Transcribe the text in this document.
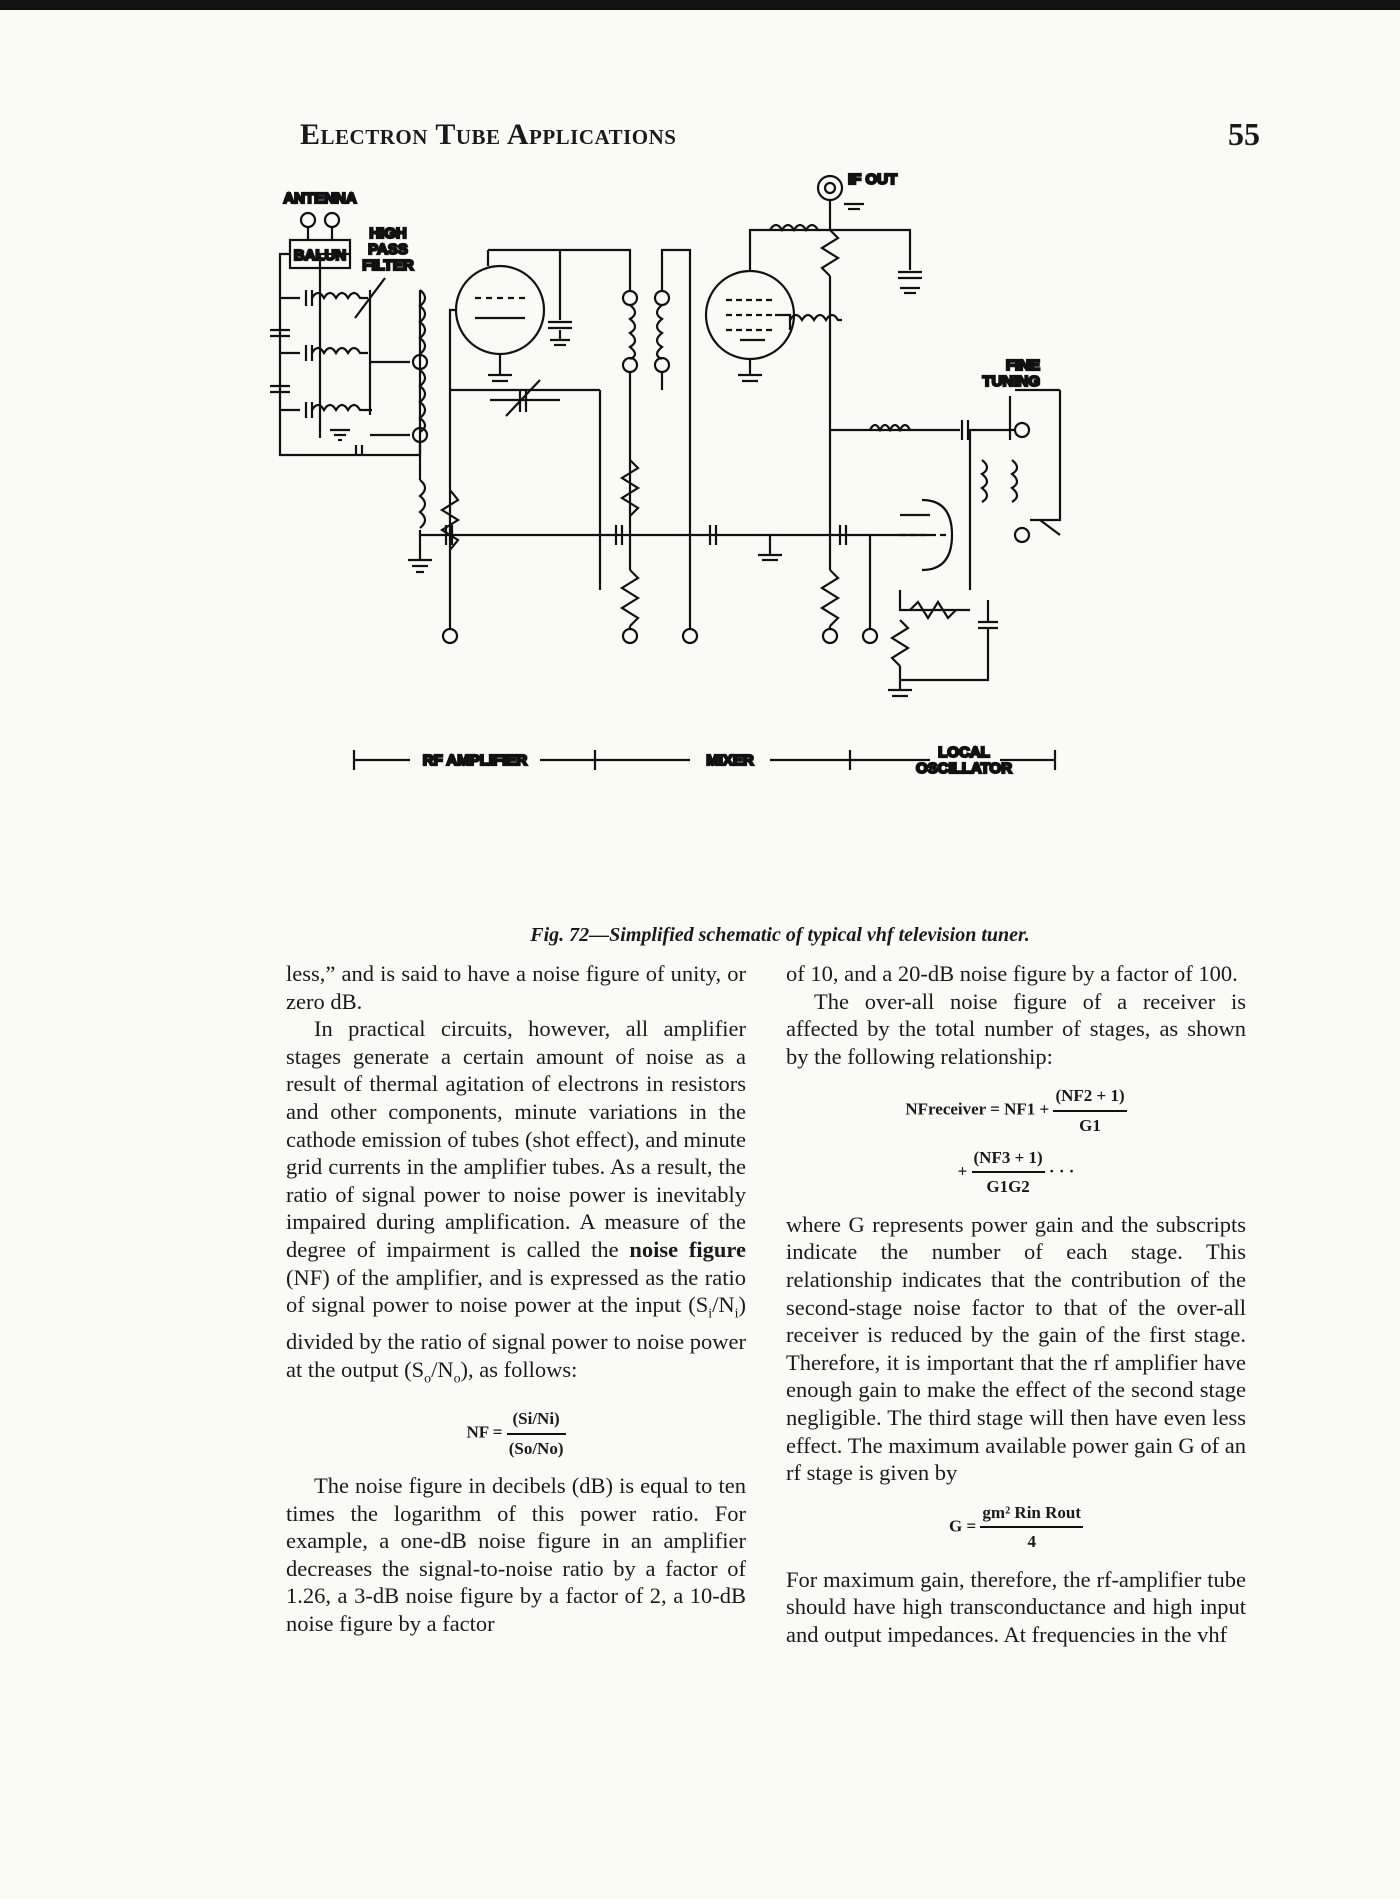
Electron Tube Applications	55
ANTENNA
BALUN
HIGH
PASS
FILTER
IF OUT
FINE
TUNING
RF AMPLIFIER	MIXER	LOCAL
OSCILLATOR
Fig. 72—Simplified schematic of typical vhf television tuner.

less,” and is said to have a noise figure of unity, or zero dB.

In practical circuits, however, all amplifier stages generate a certain amount of noise as a result of thermal agitation of electrons in resistors and other components, minute variations in the cathode emission of tubes (shot effect), and minute grid currents in the amplifier tubes. As a result, the ratio of signal power to noise power is inevitably impaired during amplification. A measure of the degree of impairment is called the noise figure (NF) of the amplifier, and is expressed as the ratio of signal power to noise power at the input $(S_i/N_i)$ divided by the ratio of signal power to noise power at the output $(S_o/N_o)$, as follows:

NF = $\frac{(Si/Ni)}{(So/No)}$

The noise figure in decibels (dB) is equal to ten times the logarithm of this power ratio. For example, a one-dB noise figure in an amplifier decreases the signal-to-noise ratio by a factor of 1.26, a 3-dB noise figure by a factor of 2, a 10-dB noise figure by a factor

of 10, and a 20-dB noise figure by a factor of 100.

The over-all noise figure of a receiver is affected by the total number of stages, as shown by the following relationship:

NFreceiver = $NF1 + \frac{(NF2 + 1)}{G1}$
+ $\frac{(NF3 + 1)}{G1G2}$ · · ·

where G represents power gain and the subscripts indicate the number of each stage. This relationship indicates that the contribution of the second-stage noise factor to that of the over-all receiver is reduced by the gain of the first stage. Therefore, it is important that the rf amplifier have enough gain to make the effect of the second stage negligible. The third stage will then have even less effect. The maximum available power gain G of an rf stage is given by

$G = \frac{\text{gm² Rin Rout}}{4}$

For maximum gain, therefore, the rf-amplifier tube should have high transconductance and high input and output impedances. At frequencies in the vhf
